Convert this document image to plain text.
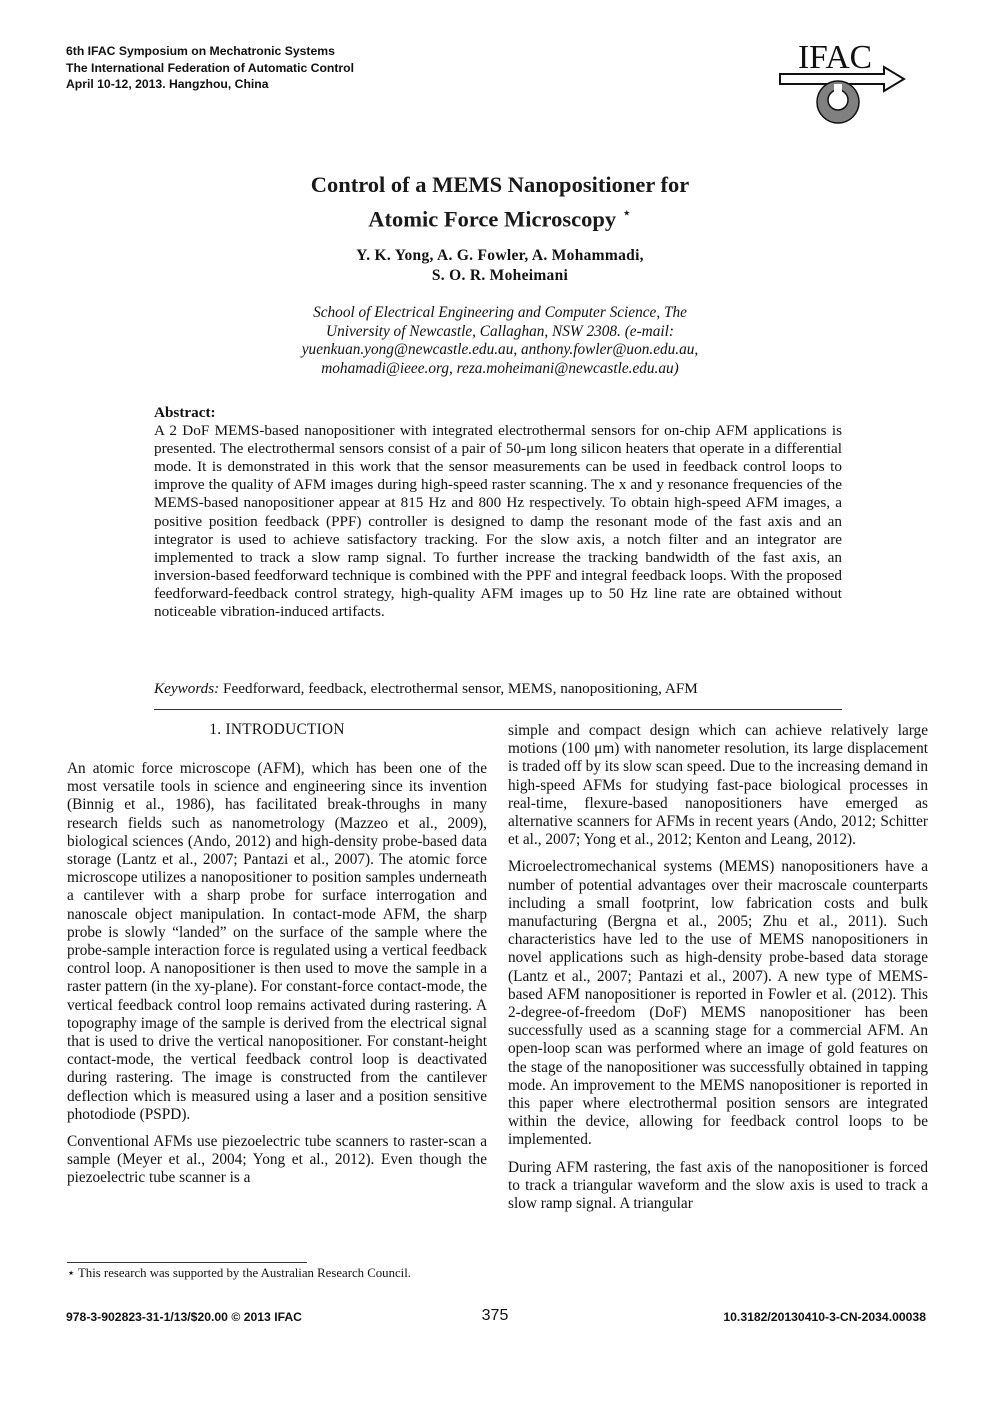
6th IFAC Symposium on Mechatronic Systems
The International Federation of Automatic Control
April 10-12, 2013. Hangzhou, China
IFAC
Control of a MEMS Nanopositioner for
Atomic Force Microscopy ⋆
Y. K. Yong, A. G. Fowler, A. Mohammadi,
S. O. R. Moheimani
School of Electrical Engineering and Computer Science, The
University of Newcastle, Callaghan, NSW 2308. (e-mail:
yuenkuan.yong@newcastle.edu.au, anthony.fowler@uon.edu.au,
mohamadi@ieee.org, reza.moheimani@newcastle.edu.au)
Abstract:
A 2 DoF MEMS-based nanopositioner with integrated electrothermal sensors for on-chip AFM applications is presented. The electrothermal sensors consist of a pair of 50-μm long silicon heaters that operate in a differential mode. It is demonstrated in this work that the sensor measurements can be used in feedback control loops to improve the quality of AFM images during high-speed raster scanning. The x and y resonance frequencies of the MEMS-based nanopositioner appear at 815 Hz and 800 Hz respectively. To obtain high-speed AFM images, a positive position feedback (PPF) controller is designed to damp the resonant mode of the fast axis and an integrator is used to achieve satisfactory tracking. For the slow axis, a notch filter and an integrator are implemented to track a slow ramp signal. To further increase the tracking bandwidth of the fast axis, an inversion-based feedforward technique is combined with the PPF and integral feedback loops. With the proposed feedforward-feedback control strategy, high-quality AFM images up to 50 Hz line rate are obtained without noticeable vibration-induced artifacts.
Keywords: Feedforward, feedback, electrothermal sensor, MEMS, nanopositioning, AFM
1. INTRODUCTION

An atomic force microscope (AFM), which has been one of the most versatile tools in science and engineering since its invention (Binnig et al., 1986), has facilitated break-throughs in many research fields such as nanometrology (Mazzeo et al., 2009), biological sciences (Ando, 2012) and high-density probe-based data storage (Lantz et al., 2007; Pantazi et al., 2007). The atomic force microscope utilizes a nanopositioner to position samples underneath a cantilever with a sharp probe for surface interrogation and nanoscale object manipulation. In contact-mode AFM, the sharp probe is slowly “landed” on the surface of the sample where the probe-sample interaction force is regulated using a vertical feedback control loop. A nanopositioner is then used to move the sample in a raster pattern (in the xy-plane). For constant-force contact-mode, the vertical feedback control loop remains activated during rastering. A topography image of the sample is derived from the electrical signal that is used to drive the vertical nanopositioner. For constant-height contact-mode, the vertical feedback control loop is deactivated during rastering. The image is constructed from the cantilever deflection which is measured using a laser and a position sensitive photodiode (PSPD).

Conventional AFMs use piezoelectric tube scanners to raster-scan a sample (Meyer et al., 2004; Yong et al., 2012). Even though the piezoelectric tube scanner is a

simple and compact design which can achieve relatively large motions (100 μm) with nanometer resolution, its large displacement is traded off by its slow scan speed. Due to the increasing demand in high-speed AFMs for studying fast-pace biological processes in real-time, flexure-based nanopositioners have emerged as alternative scanners for AFMs in recent years (Ando, 2012; Schitter et al., 2007; Yong et al., 2012; Kenton and Leang, 2012).

Microelectromechanical systems (MEMS) nanopositioners have a number of potential advantages over their macroscale counterparts including a small footprint, low fabrication costs and bulk manufacturing (Bergna et al., 2005; Zhu et al., 2011). Such characteristics have led to the use of MEMS nanopositioners in novel applications such as high-density probe-based data storage (Lantz et al., 2007; Pantazi et al., 2007). A new type of MEMS-based AFM nanopositioner is reported in Fowler et al. (2012). This 2-degree-of-freedom (DoF) MEMS nanopositioner has been successfully used as a scanning stage for a commercial AFM. An open-loop scan was performed where an image of gold features on the stage of the nanopositioner was successfully obtained in tapping mode. An improvement to the MEMS nanopositioner is reported in this paper where electrothermal position sensors are integrated within the device, allowing for feedback control loops to be implemented.

During AFM rastering, the fast axis of the nanopositioner is forced to track a triangular waveform and the slow axis is used to track a slow ramp signal. A triangular

⋆ This research was supported by the Australian Research Council.
978-3-902823-31-1/13/$20.00 © 2013 IFAC	375	10.3182/20130410-3-CN-2034.00038
